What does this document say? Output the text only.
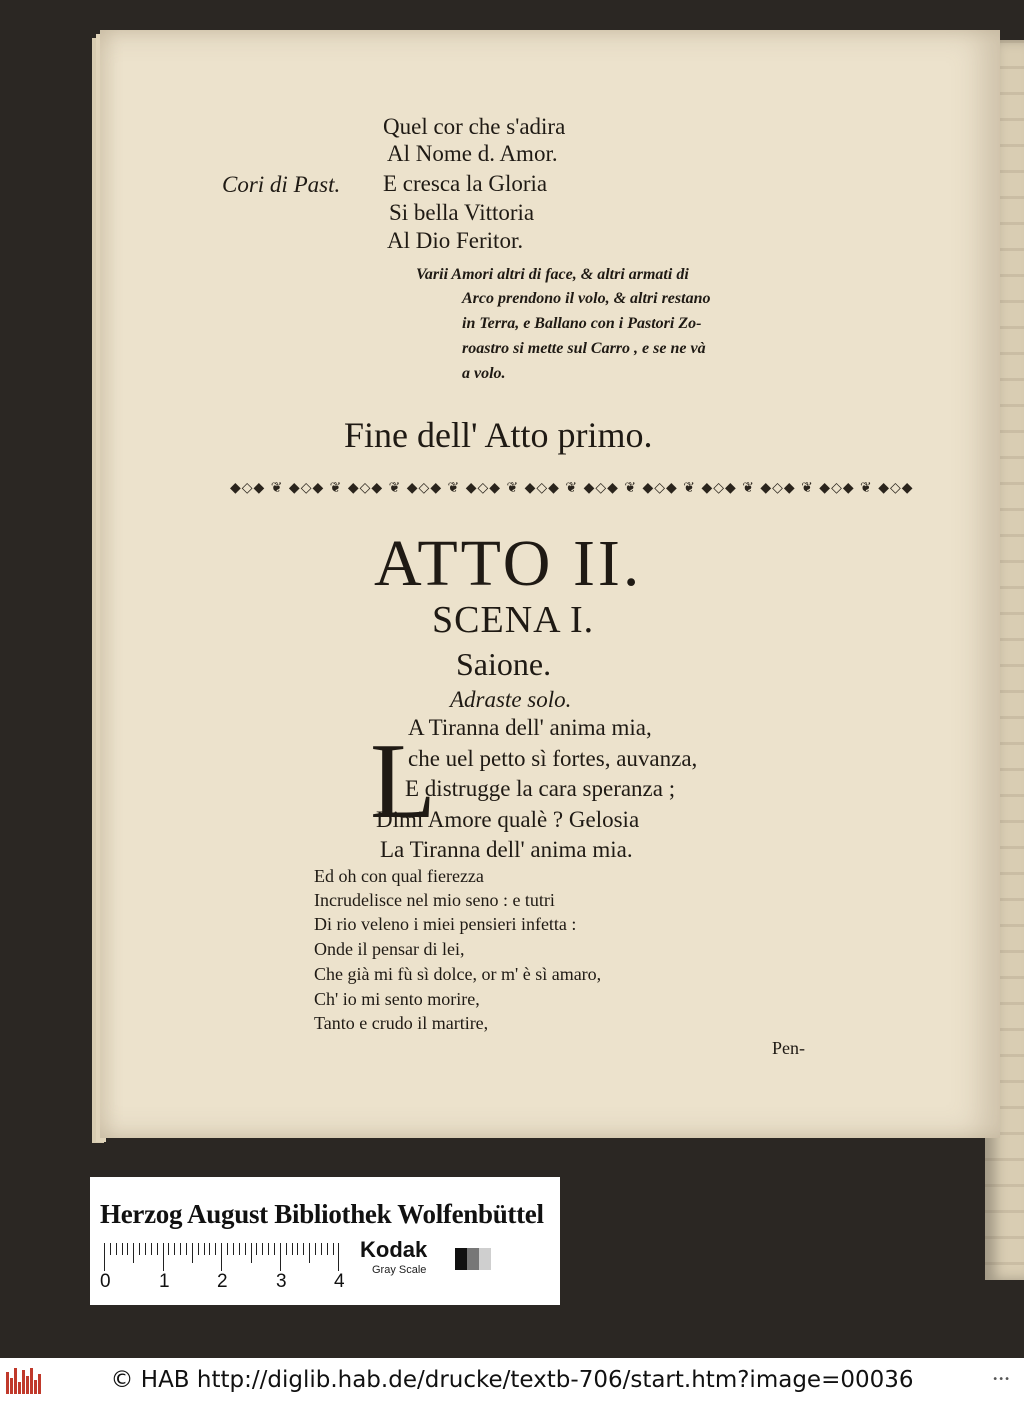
Quel cor che s'adira
Al Nome d. Amor.
Cori di Past. E cresca la Gloria
Si bella Vittoria
Al Dio Feritor.
Varii Amori altri di face, & altri armati di
Arco prendono il volo, & altri restano
in Terra, e Ballano con i Pastori Zo-
roastro si mette sul Carro , e se ne và
a volo.
Fine dell' Atto primo.
◆◇◆ ❦ ◆◇◆ ❦ ◆◇◆ ❦ ◆◇◆ ❦ ◆◇◆ ❦ ◆◇◆ ❦ ◆◇◆ ❦ ◆◇◆ ❦ ◆◇◆ ❦ ◆◇◆ ❦ ◆◇◆ ❦ ◆◇◆
ATTO II.
SCENA I.
Saione.
Adraste solo.
L
A Tiranna dell' anima mia,
che uel petto sì fortes, auvanza,
E distrugge la cara speranza ;
Dimi Amore qualè ? Gelosia
La Tiranna dell' anima mia.
Ed oh con qual fierezza
Incrudelisce nel mio seno : e tutri
Di rio veleno i miei pensieri infetta :
Onde il pensar di lei,
Che già mi fù sì dolce, or m' è sì amaro,
Ch' io mi sento morire,
Tanto e crudo il martire,
Pen-
Herzog August Bibliothek Wolfenbüttel
0	1 2	3 4
Kodak
Gray Scale
© HAB http://diglib.hab.de/drucke/textb-706/start.htm?image=00036	•••
